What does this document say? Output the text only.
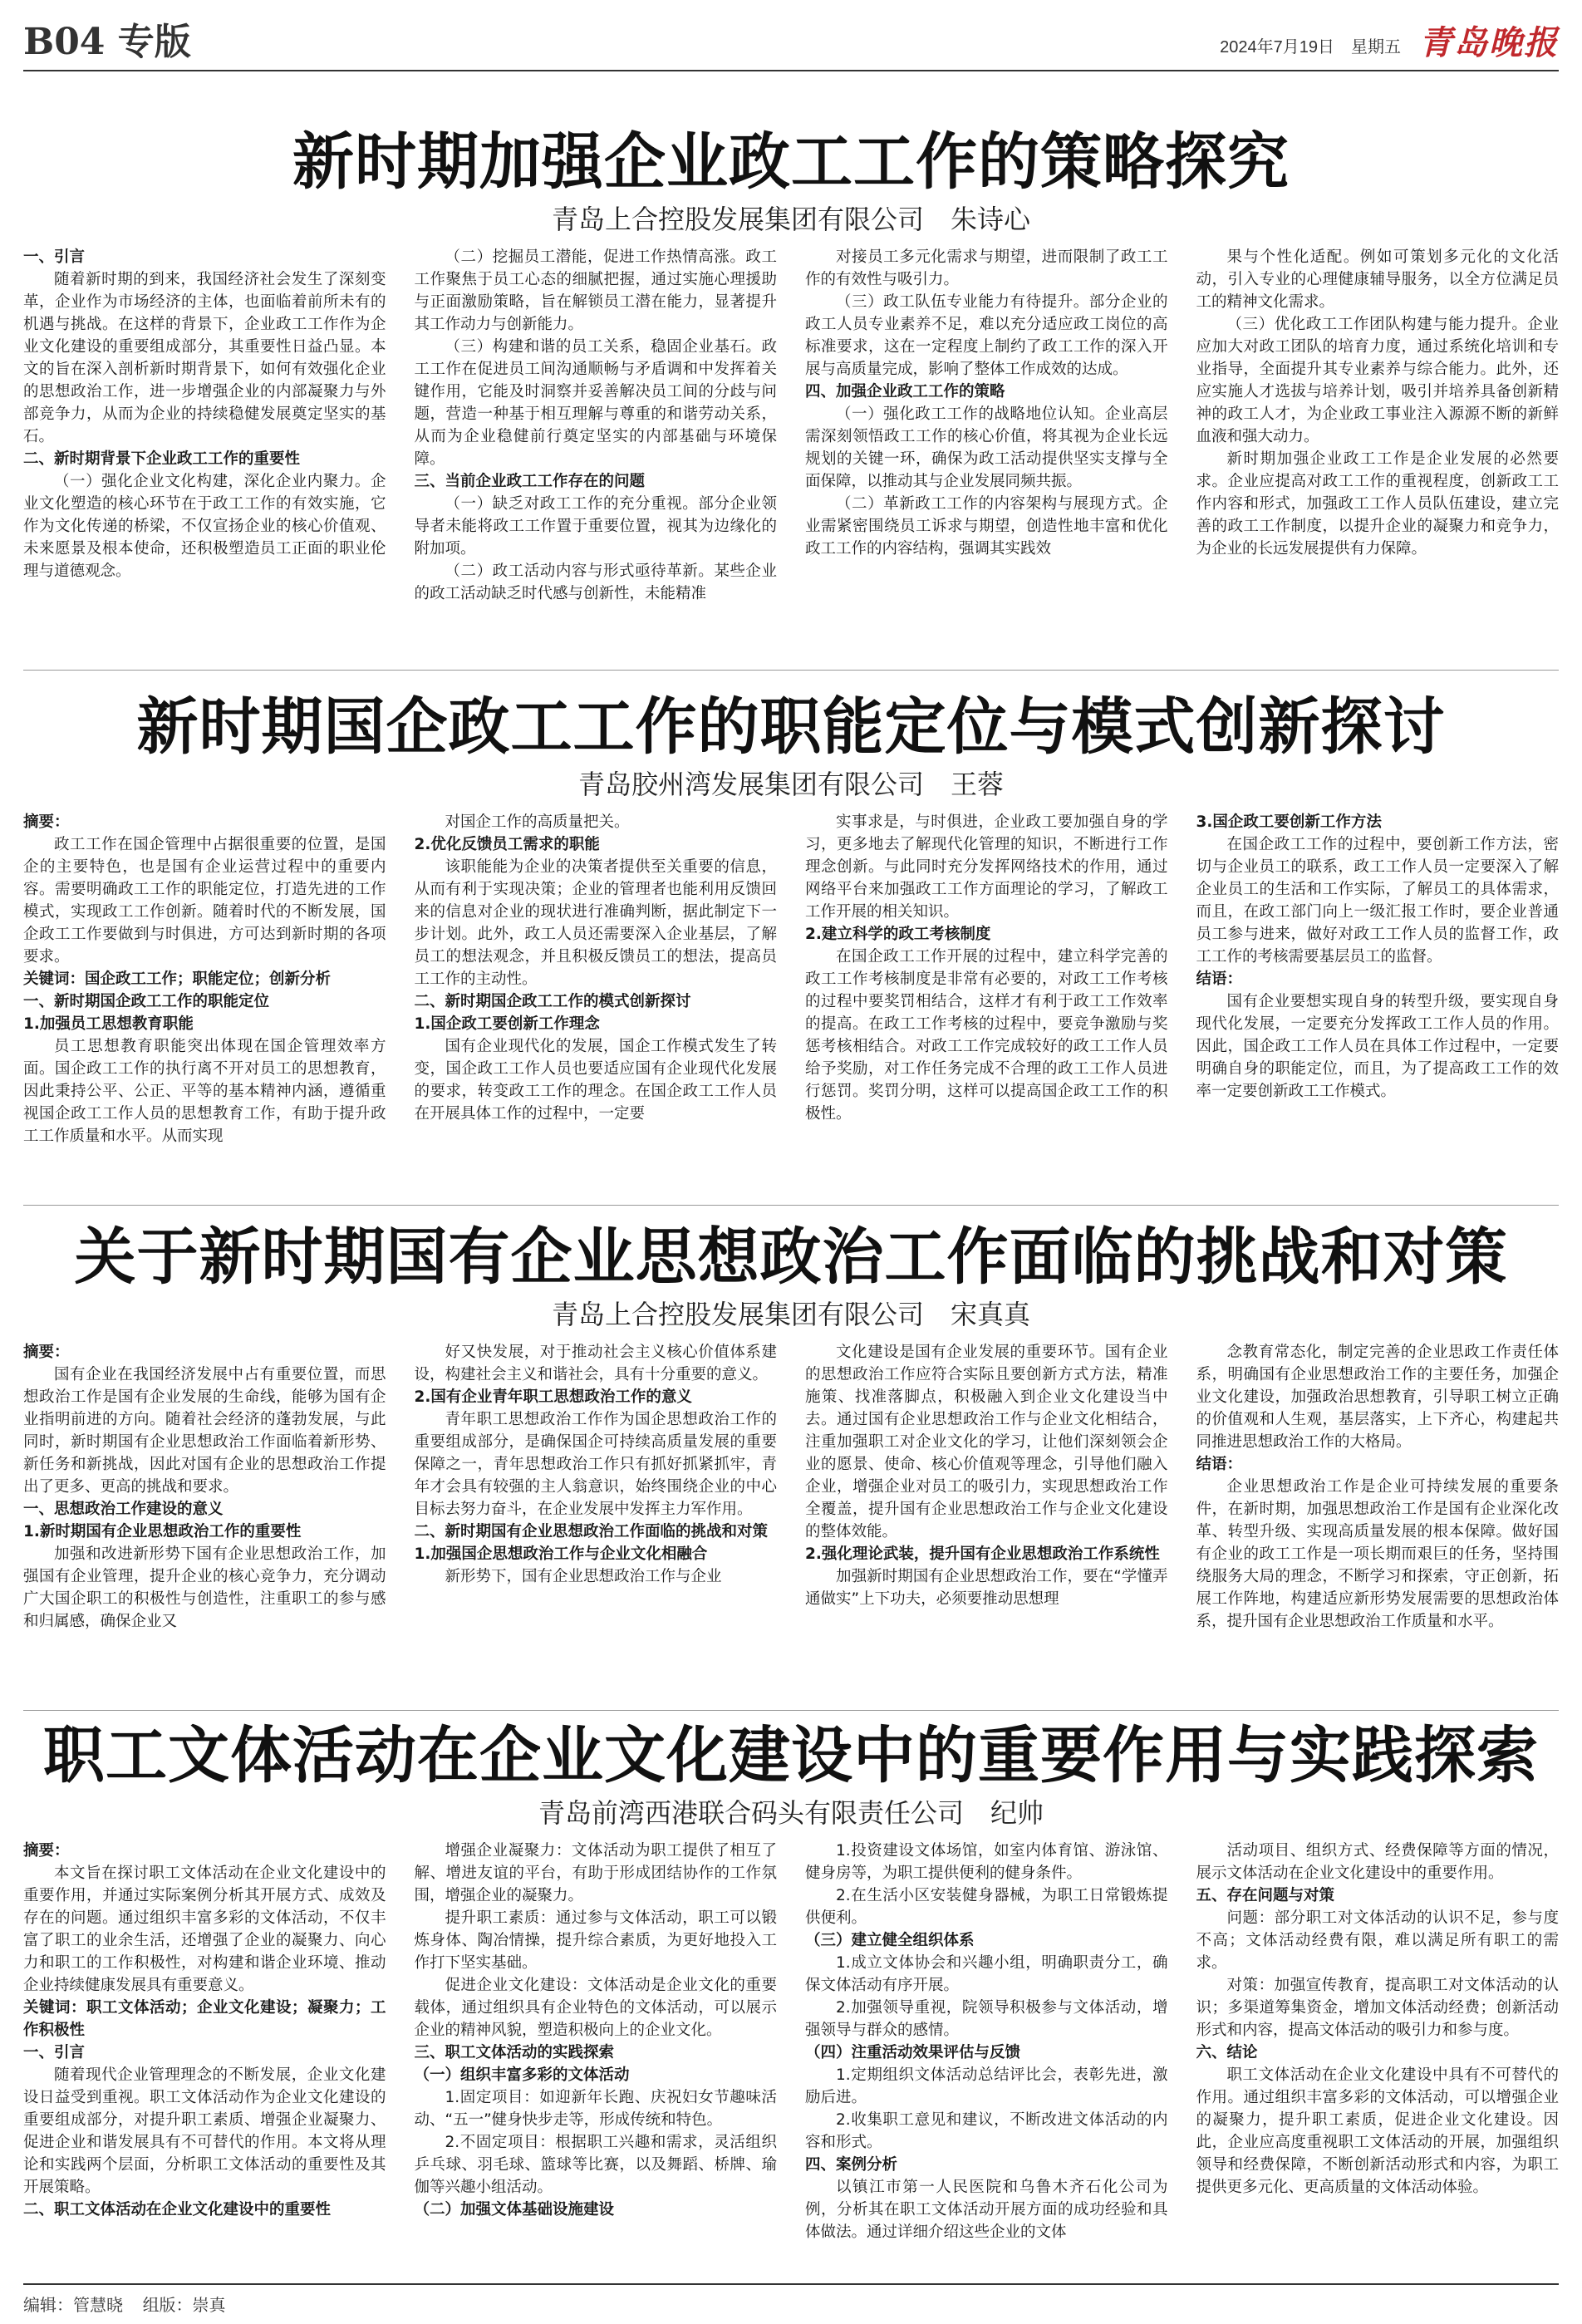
B04 专版	2024年7月19日 星期五 青岛晚报
新时期加强企业政工工作的策略探究
青岛上合控股发展集团有限公司　朱诗心

一、引言

随着新时期的到来，我国经济社会发生了深刻变革，企业作为市场经济的主体，也面临着前所未有的机遇与挑战。在这样的背景下，企业政工工作作为企业文化建设的重要组成部分，其重要性日益凸显。本文的旨在深入剖析新时期背景下，如何有效强化企业的思想政治工作，进一步增强企业的内部凝聚力与外部竞争力，从而为企业的持续稳健发展奠定坚实的基石。

二、新时期背景下企业政工工作的重要性

（一）强化企业文化构建，深化企业内聚力。企业文化塑造的核心环节在于政工工作的有效实施，它作为文化传递的桥梁，不仅宣扬企业的核心价值观、未来愿景及根本使命，还积极塑造员工正面的职业伦理与道德观念。

（二）挖掘员工潜能，促进工作热情高涨。政工工作聚焦于员工心态的细腻把握，通过实施心理援助与正面激励策略，旨在解锁员工潜在能力，显著提升其工作动力与创新能力。

（三）构建和谐的员工关系，稳固企业基石。政工工作在促进员工间沟通顺畅与矛盾调和中发挥着关键作用，它能及时洞察并妥善解决员工间的分歧与问题，营造一种基于相互理解与尊重的和谐劳动关系，从而为企业稳健前行奠定坚实的内部基础与环境保障。

三、当前企业政工工作存在的问题

（一）缺乏对政工工作的充分重视。部分企业领导者未能将政工工作置于重要位置，视其为边缘化的附加项。

（二）政工活动内容与形式亟待革新。某些企业的政工活动缺乏时代感与创新性，未能精准

对接员工多元化需求与期望，进而限制了政工工作的有效性与吸引力。

（三）政工队伍专业能力有待提升。部分企业的政工人员专业素养不足，难以充分适应政工岗位的高标准要求，这在一定程度上制约了政工工作的深入开展与高质量完成，影响了整体工作成效的达成。

四、加强企业政工工作的策略

（一）强化政工工作的战略地位认知。企业高层需深刻领悟政工工作的核心价值，将其视为企业长远规划的关键一环，确保为政工活动提供坚实支撑与全面保障，以推动其与企业发展同频共振。

（二）革新政工工作的内容架构与展现方式。企业需紧密围绕员工诉求与期望，创造性地丰富和优化政工工作的内容结构，强调其实践效

果与个性化适配。例如可策划多元化的文化活动，引入专业的心理健康辅导服务，以全方位满足员工的精神文化需求。

（三）优化政工工作团队构建与能力提升。企业应加大对政工团队的培育力度，通过系统化培训和专业指导，全面提升其专业素养与综合能力。此外，还应实施人才选拔与培养计划，吸引并培养具备创新精神的政工人才，为企业政工事业注入源源不断的新鲜血液和强大动力。

新时期加强企业政工工作是企业发展的必然要求。企业应提高对政工工作的重视程度，创新政工工作内容和形式，加强政工工作人员队伍建设，建立完善的政工工作制度，以提升企业的凝聚力和竞争力，为企业的长远发展提供有力保障。

新时期国企政工工作的职能定位与模式创新探讨
青岛胶州湾发展集团有限公司　王蓉

摘要：

政工工作在国企管理中占据很重要的位置，是国企的主要特色，也是国有企业运营过程中的重要内容。需要明确政工工作的职能定位，打造先进的工作模式，实现政工工作创新。随着时代的不断发展，国企政工工作要做到与时俱进，方可达到新时期的各项要求。

关键词：国企政工工作；职能定位；创新分析

一、新时期国企政工工作的职能定位

1.加强员工思想教育职能

员工思想教育职能突出体现在国企管理效率方面。国企政工工作的执行离不开对员工的思想教育，因此秉持公平、公正、平等的基本精神内涵，遵循重视国企政工工作人员的思想教育工作，有助于提升政工工作质量和水平。从而实现

对国企工作的高质量把关。

2.优化反馈员工需求的职能

该职能能为企业的决策者提供至关重要的信息，从而有利于实现决策；企业的管理者也能利用反馈回来的信息对企业的现状进行准确判断，据此制定下一步计划。此外，政工人员还需要深入企业基层，了解员工的想法观念，并且积极反馈员工的想法，提高员工工作的主动性。

二、新时期国企政工工作的模式创新探讨

1.国企政工要创新工作理念

国有企业现代化的发展，国企工作模式发生了转变，国企政工工作人员也要适应国有企业现代化发展的要求，转变政工工作的理念。在国企政工工作人员在开展具体工作的过程中，一定要

实事求是，与时俱进，企业政工要加强自身的学习，更多地去了解现代化管理的知识，不断进行工作理念创新。与此同时充分发挥网络技术的作用，通过网络平台来加强政工工作方面理论的学习，了解政工工作开展的相关知识。

2.建立科学的政工考核制度

在国企政工工作开展的过程中，建立科学完善的政工工作考核制度是非常有必要的，对政工工作考核的过程中要奖罚相结合，这样才有利于政工工作效率的提高。在政工工作考核的过程中，要竞争激励与奖惩考核相结合。对政工工作完成较好的政工工作人员给予奖励，对工作任务完成不合理的政工工作人员进行惩罚。奖罚分明，这样可以提高国企政工工作的积极性。

3.国企政工要创新工作方法

在国企政工工作的过程中，要创新工作方法，密切与企业员工的联系，政工工作人员一定要深入了解企业员工的生活和工作实际，了解员工的具体需求，而且，在政工部门向上一级汇报工作时，要企业普通员工参与进来，做好对政工工作人员的监督工作，政工工作的考核需要基层员工的监督。

结语：

国有企业要想实现自身的转型升级，要实现自身现代化发展，一定要充分发挥政工工作人员的作用。因此，国企政工工作人员在具体工作过程中，一定要明确自身的职能定位，而且，为了提高政工工作的效率一定要创新政工工作模式。

关于新时期国有企业思想政治工作面临的挑战和对策
青岛上合控股发展集团有限公司　宋真真

摘要：

国有企业在我国经济发展中占有重要位置，而思想政治工作是国有企业发展的生命线，能够为国有企业指明前进的方向。随着社会经济的蓬勃发展，与此同时，新时期国有企业思想政治工作面临着新形势、新任务和新挑战，因此对国有企业的思想政治工作提出了更多、更高的挑战和要求。

一、思想政治工作建设的意义

1.新时期国有企业思想政治工作的重要性

加强和改进新形势下国有企业思想政治工作，加强国有企业管理，提升企业的核心竞争力，充分调动广大国企职工的积极性与创造性，注重职工的参与感和归属感，确保企业又

好又快发展，对于推动社会主义核心价值体系建设，构建社会主义和谐社会，具有十分重要的意义。

2.国有企业青年职工思想政治工作的意义

青年职工思想政治工作作为国企思想政治工作的重要组成部分，是确保国企可持续高质量发展的重要保障之一，青年思想政治工作只有抓好抓紧抓牢，青年才会具有较强的主人翁意识，始终围绕企业的中心目标去努力奋斗，在企业发展中发挥主力军作用。

二、新时期国有企业思想政治工作面临的挑战和对策

1.加强国企思想政治工作与企业文化相融合

新形势下，国有企业思想政治工作与企业

文化建设是国有企业发展的重要环节。国有企业的思想政治工作应符合实际且要创新方式方法，精准施策、找准落脚点，积极融入到企业文化建设当中去。通过国有企业思想政治工作与企业文化相结合，注重加强职工对企业文化的学习，让他们深刻领会企业的愿景、使命、核心价值观等理念，引导他们融入企业，增强企业对员工的吸引力，实现思想政治工作全覆盖，提升国有企业思想政治工作与企业文化建设的整体效能。

2.强化理论武装，提升国有企业思想政治工作系统性

加强新时期国有企业思想政治工作，要在“学懂弄通做实”上下功夫，必须要推动思想理

念教育常态化，制定完善的企业思政工作责任体系，明确国有企业思想政治工作的主要任务，加强企业文化建设，加强政治思想教育，引导职工树立正确的价值观和人生观，基层落实，上下齐心，构建起共同推进思想政治工作的大格局。

结语：

企业思想政治工作是企业可持续发展的重要条件，在新时期，加强思想政治工作是国有企业深化改革、转型升级、实现高质量发展的根本保障。做好国有企业的政工工作是一项长期而艰巨的任务，坚持围绕服务大局的理念，不断学习和探索，守正创新，拓展工作阵地，构建适应新形势发展需要的思想政治体系，提升国有企业思想政治工作质量和水平。

职工文体活动在企业文化建设中的重要作用与实践探索
青岛前湾西港联合码头有限责任公司　纪帅

摘要：

本文旨在探讨职工文体活动在企业文化建设中的重要作用，并通过实际案例分析其开展方式、成效及存在的问题。通过组织丰富多彩的文体活动，不仅丰富了职工的业余生活，还增强了企业的凝聚力、向心力和职工的工作积极性，对构建和谐企业环境、推动企业持续健康发展具有重要意义。

关键词：职工文体活动；企业文化建设；凝聚力；工作积极性

一、引言

随着现代企业管理理念的不断发展，企业文化建设日益受到重视。职工文体活动作为企业文化建设的重要组成部分，对提升职工素质、增强企业凝聚力、促进企业和谐发展具有不可替代的作用。本文将从理论和实践两个层面，分析职工文体活动的重要性及其开展策略。

二、职工文体活动在企业文化建设中的重要性

增强企业凝聚力：文体活动为职工提供了相互了解、增进友谊的平台，有助于形成团结协作的工作氛围，增强企业的凝聚力。

提升职工素质：通过参与文体活动，职工可以锻炼身体、陶冶情操，提升综合素质，为更好地投入工作打下坚实基础。

促进企业文化建设：文体活动是企业文化的重要载体，通过组织具有企业特色的文体活动，可以展示企业的精神风貌，塑造积极向上的企业文化。

三、职工文体活动的实践探索

（一）组织丰富多彩的文体活动

1.固定项目：如迎新年长跑、庆祝妇女节趣味活动、“五一”健身快步走等，形成传统和特色。

2.不固定项目：根据职工兴趣和需求，灵活组织乒乓球、羽毛球、篮球等比赛，以及舞蹈、桥牌、瑜伽等兴趣小组活动。

（二）加强文体基础设施建设

1.投资建设文体场馆，如室内体育馆、游泳馆、健身房等，为职工提供便利的健身条件。

2.在生活小区安装健身器械，为职工日常锻炼提供便利。

（三）建立健全组织体系

1.成立文体协会和兴趣小组，明确职责分工，确保文体活动有序开展。

2.加强领导重视，院领导积极参与文体活动，增强领导与群众的感情。

（四）注重活动效果评估与反馈

1.定期组织文体活动总结评比会，表彰先进，激励后进。

2.收集职工意见和建议，不断改进文体活动的内容和形式。

四、案例分析

以镇江市第一人民医院和乌鲁木齐石化公司为例，分析其在职工文体活动开展方面的成功经验和具体做法。通过详细介绍这些企业的文体

活动项目、组织方式、经费保障等方面的情况，展示文体活动在企业文化建设中的重要作用。

五、存在问题与对策

问题：部分职工对文体活动的认识不足，参与度不高；文体活动经费有限，难以满足所有职工的需求。

对策：加强宣传教育，提高职工对文体活动的认识；多渠道筹集资金，增加文体活动经费；创新活动形式和内容，提高文体活动的吸引力和参与度。

六、结论

职工文体活动在企业文化建设中具有不可替代的作用。通过组织丰富多彩的文体活动，可以增强企业的凝聚力，提升职工素质，促进企业文化建设。因此，企业应高度重视职工文体活动的开展，加强组织领导和经费保障，不断创新活动形式和内容，为职工提供更多元化、更高质量的文体活动体验。

编辑：管慧晓 组版：崇真
